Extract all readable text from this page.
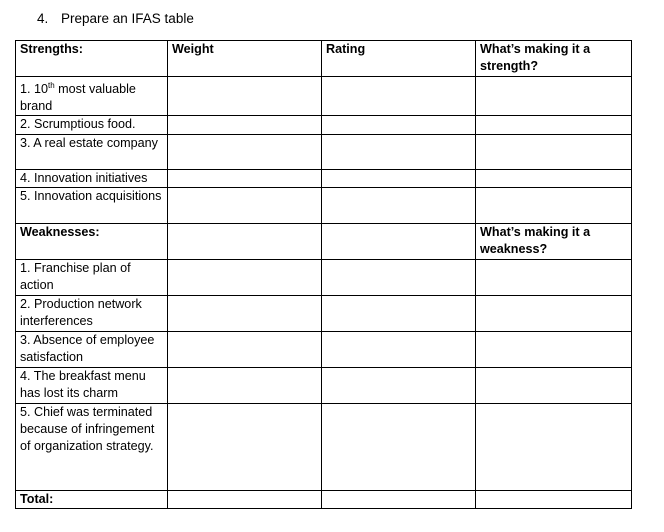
4. Prepare an IFAS table
Strengths:	Weight	Rating	What’s making it a strength?
1. 10th most valuable brand			
2. Scrumptious food.			
3. A real estate company			
4. Innovation initiatives			
5. Innovation acquisitions			
Weaknesses:			What’s making it a weakness?
1. Franchise plan of action			
2. Production network interferences			
3. Absence of employee satisfaction			
4. The breakfast menu has lost its charm			
5. Chief was terminated because of infringement of organization strategy.			
Total:			
